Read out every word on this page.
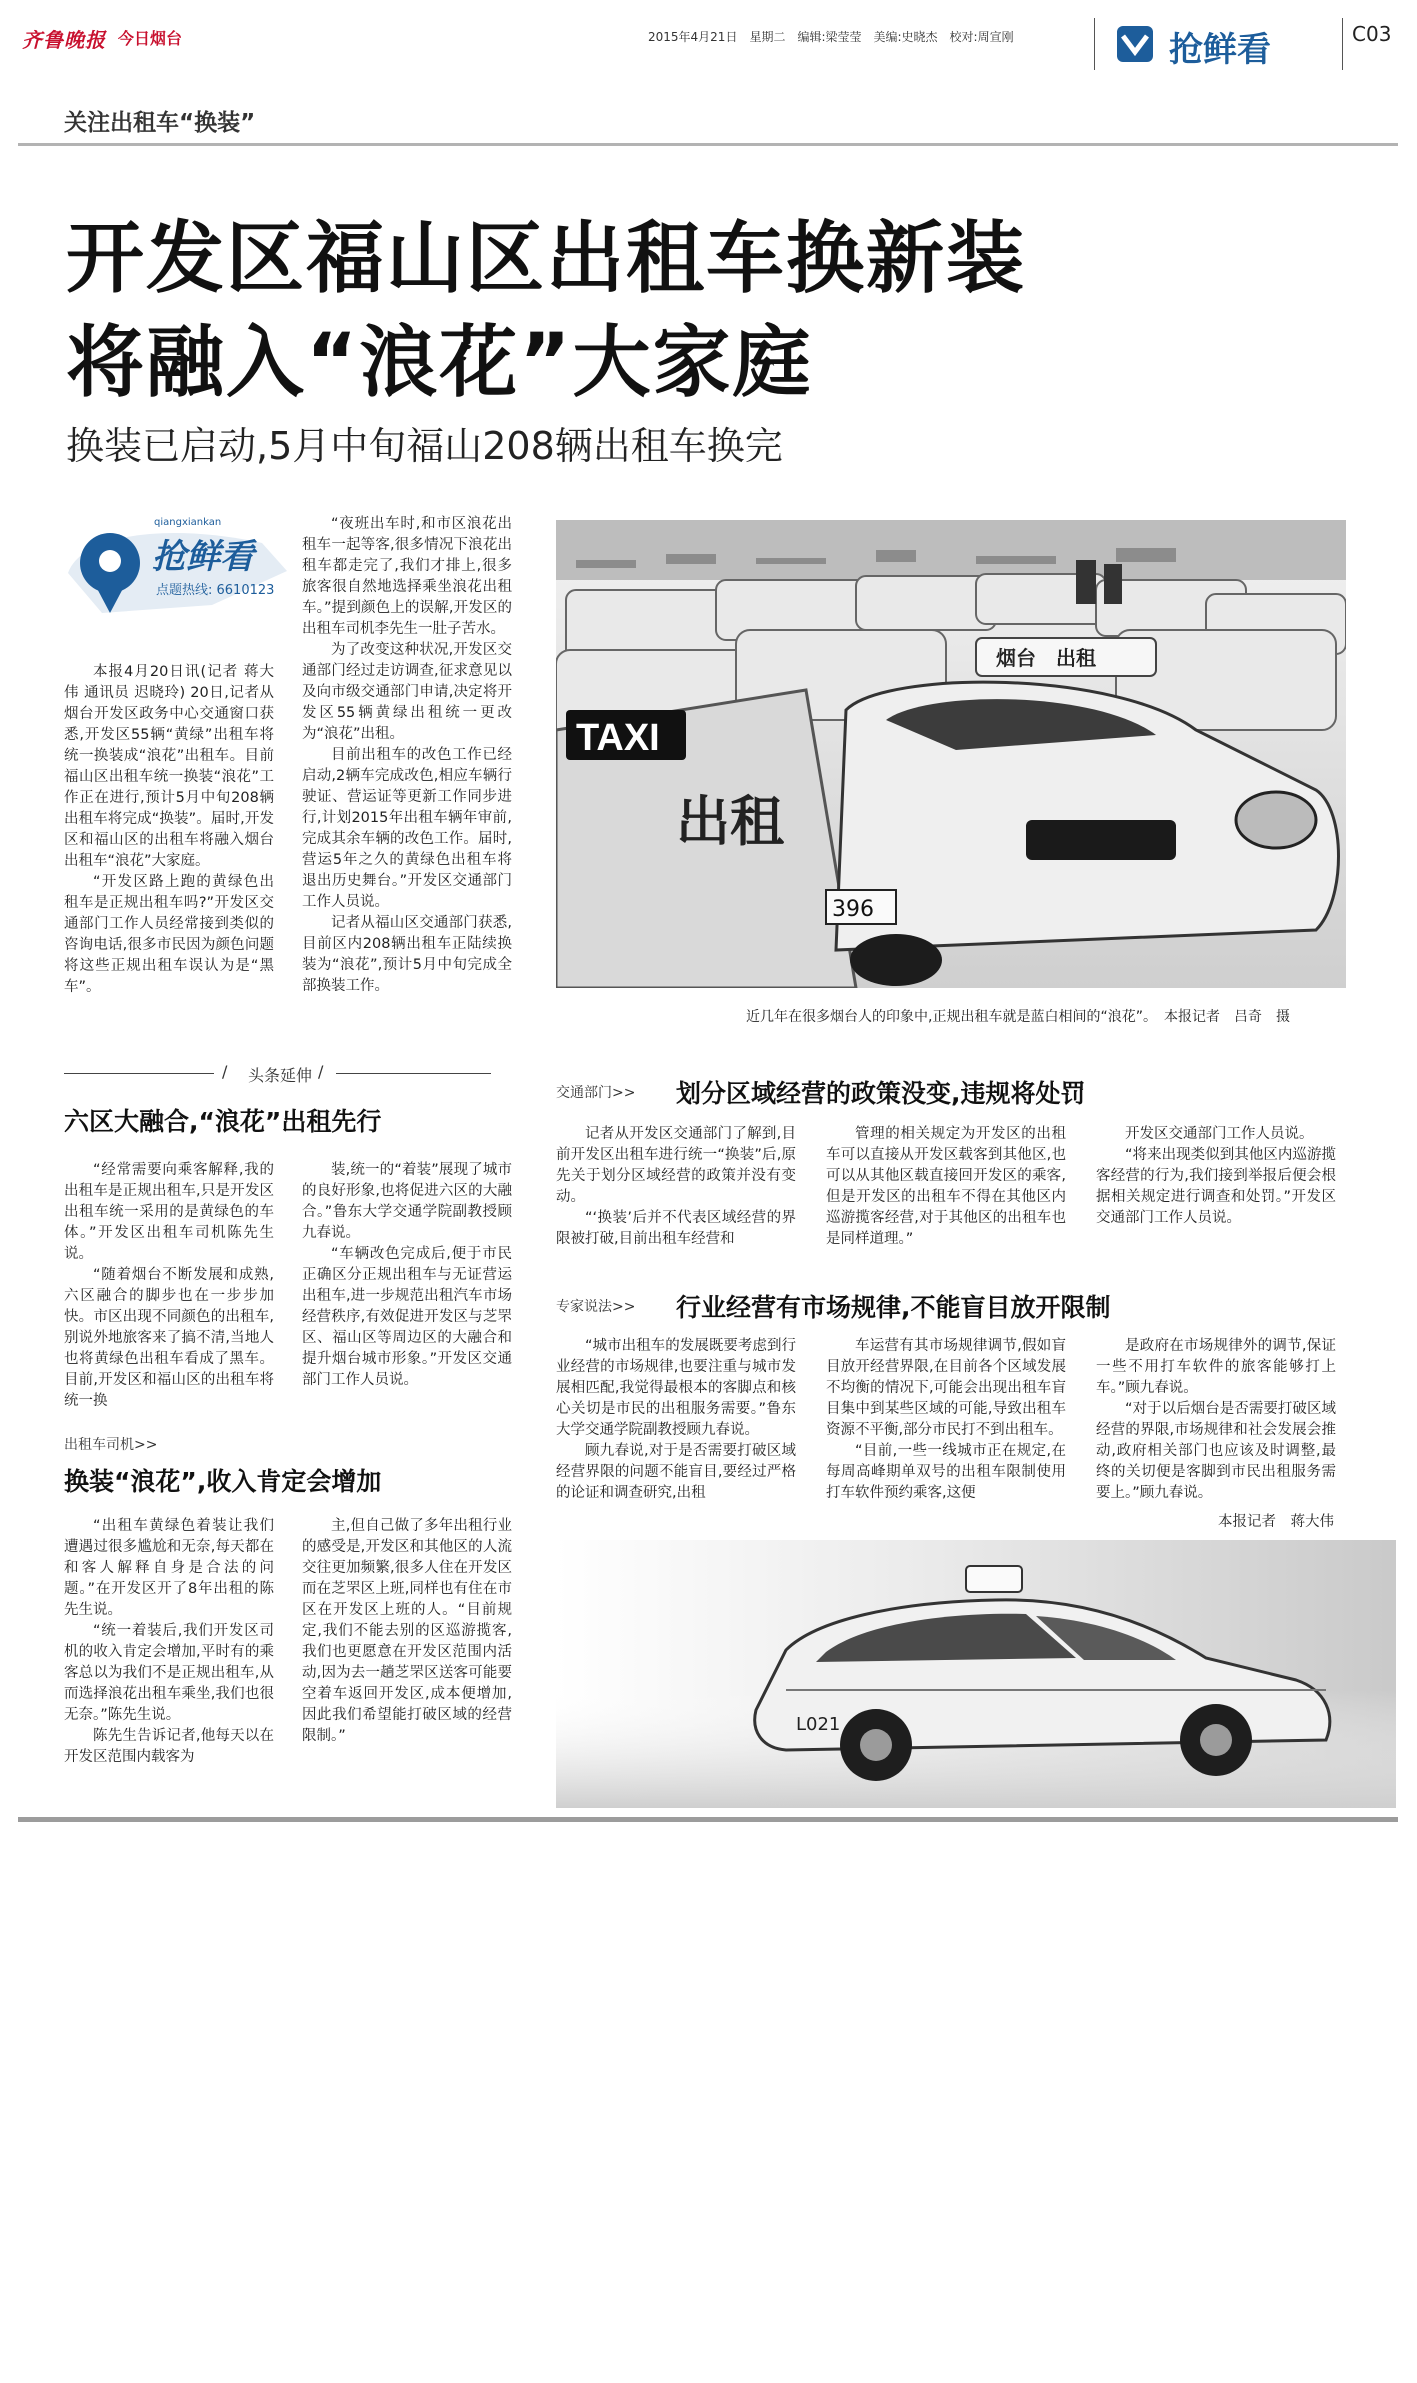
齐鲁晚报 今日烟台	2015年4月21日　星期二　编辑:梁莹莹　美编:史晓杰　校对:周宣刚	抢鲜看	C03
关注出租车“换装”
开发区福山区出租车换新装
将融入“浪花”大家庭
换装已启动,5月中旬福山208辆出租车换完
qiangxiankan
抢鲜看
点题热线: 6610123

本报4月20日讯(记者 蒋大伟 通讯员 迟晓玲) 20日,记者从烟台开发区政务中心交通窗口获悉,开发区55辆“黄绿”出租车将统一换装成“浪花”出租车。目前福山区出租车统一换装“浪花”工作正在进行,预计5月中旬208辆出租车将完成“换装”。届时,开发区和福山区的出租车将融入烟台出租车“浪花”大家庭。

“开发区路上跑的黄绿色出租车是正规出租车吗?”开发区交通部门工作人员经常接到类似的咨询电话,很多市民因为颜色问题将这些正规出租车误认为是“黑车”。

“夜班出车时,和市区浪花出租车一起等客,很多情况下浪花出租车都走完了,我们才排上,很多旅客很自然地选择乘坐浪花出租车。”提到颜色上的误解,开发区的出租车司机李先生一肚子苦水。

为了改变这种状况,开发区交通部门经过走访调查,征求意见以及向市级交通部门申请,决定将开发区55辆黄绿出租统一更改为“浪花”出租。

目前出租车的改色工作已经启动,2辆车完成改色,相应车辆行驶证、营运证等更新工作同步进行,计划2015年出租车辆年审前,完成其余车辆的改色工作。届时,营运5年之久的黄绿色出租车将退出历史舞台。”开发区交通部门工作人员说。

记者从福山区交通部门获悉,目前区内208辆出租车正陆续换装为“浪花”,预计5月中旬完成全部换装工作。

TAXI
出租
烟台　出租
396
近几年在很多烟台人的印象中,正规出租车就是蓝白相间的“浪花”。　本报记者　吕奇　摄
/ 头条延伸 /
六区大融合,“浪花”出租先行

“经常需要向乘客解释,我的出租车是正规出租车,只是开发区出租车统一采用的是黄绿色的车体。”开发区出租车司机陈先生说。

“随着烟台不断发展和成熟,六区融合的脚步也在一步步加快。市区出现不同颜色的出租车,别说外地旅客来了搞不清,当地人也将黄绿色出租车看成了黑车。目前,开发区和福山区的出租车将统一换

装,统一的“着装”展现了城市的良好形象,也将促进六区的大融合。”鲁东大学交通学院副教授顾九春说。

“车辆改色完成后,便于市民正确区分正规出租车与无证营运出租车,进一步规范出租汽车市场经营秩序,有效促进开发区与芝罘区、福山区等周边区的大融合和提升烟台城市形象。”开发区交通部门工作人员说。

出租车司机>>
换装“浪花”,收入肯定会增加

“出租车黄绿色着装让我们遭遇过很多尴尬和无奈,每天都在和客人解释自身是合法的问题。”在开发区开了8年出租的陈先生说。

“统一着装后,我们开发区司机的收入肯定会增加,平时有的乘客总以为我们不是正规出租车,从而选择浪花出租车乘坐,我们也很无奈。”陈先生说。

陈先生告诉记者,他每天以在开发区范围内载客为

主,但自己做了多年出租行业的感受是,开发区和其他区的人流交往更加频繁,很多人住在开发区而在芝罘区上班,同样也有住在市区在开发区上班的人。“目前规定,我们不能去别的区巡游揽客,我们也更愿意在开发区范围内活动,因为去一趟芝罘区送客可能要空着车返回开发区,成本便增加,因此我们希望能打破区域的经营限制。”

交通部门>> 划分区域经营的政策没变,违规将处罚

记者从开发区交通部门了解到,目前开发区出租车进行统一“换装”后,原先关于划分区域经营的政策并没有变动。

“‘换装’后并不代表区域经营的界限被打破,目前出租车经营和

管理的相关规定为开发区的出租车可以直接从开发区载客到其他区,也可以从其他区载直接回开发区的乘客,但是开发区的出租车不得在其他区内巡游揽客经营,对于其他区的出租车也是同样道理。”

开发区交通部门工作人员说。

“将来出现类似到其他区内巡游揽客经营的行为,我们接到举报后便会根据相关规定进行调查和处罚。”开发区交通部门工作人员说。

专家说法>> 行业经营有市场规律,不能盲目放开限制

“城市出租车的发展既要考虑到行业经营的市场规律,也要注重与城市发展相匹配,我觉得最根本的客脚点和核心关切是市民的出租服务需要。”鲁东大学交通学院副教授顾九春说。

顾九春说,对于是否需要打破区域经营界限的问题不能盲目,要经过严格的论证和调查研究,出租

车运营有其市场规律调节,假如盲目放开经营界限,在目前各个区域发展不均衡的情况下,可能会出现出租车盲目集中到某些区域的可能,导致出租车资源不平衡,部分市民打不到出租车。

“目前,一些一线城市正在规定,在每周高峰期单双号的出租车限制使用打车软件预约乘客,这便

是政府在市场规律外的调节,保证一些不用打车软件的旅客能够打上车。”顾九春说。

“对于以后烟台是否需要打破区域经营的界限,市场规律和社会发展会推动,政府相关部门也应该及时调整,最终的关切便是客脚到市民出租服务需要上。”顾九春说。

本报记者　蒋大伟
L021
